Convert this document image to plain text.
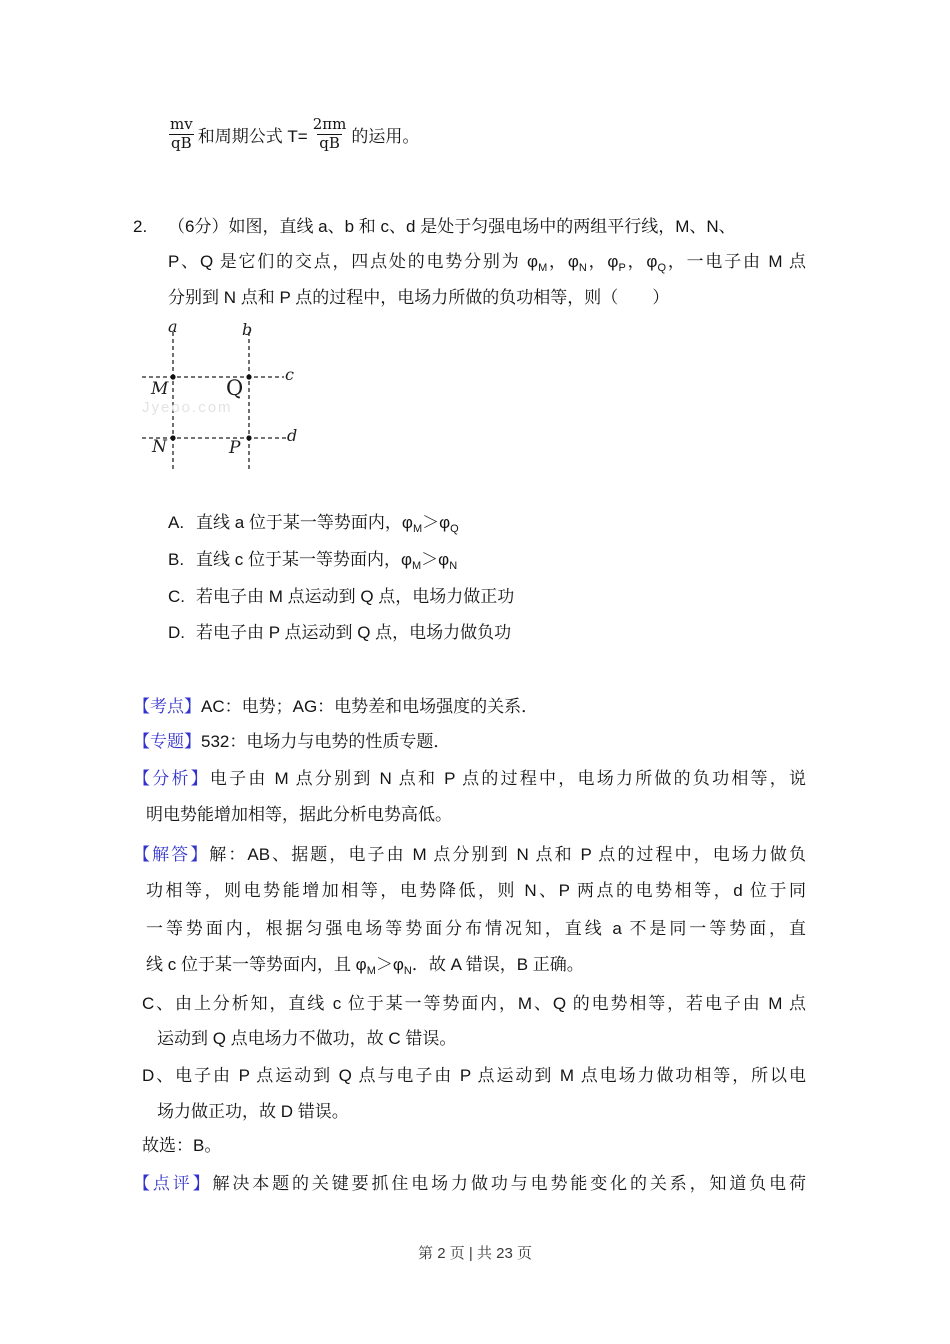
$\frac{mv}{qB}$ 和周期公式 $T= \frac{2\pi m}{qB}$ 的运用。
2. （6分）如图，直线 a、b 和 c、d 是处于匀强电场中的两组平行线，M、N、
P、Q 是它们的交点，四点处的电势分别为 $\varphi_M$，$\varphi_N$，$\varphi_P$，$\varphi_Q$，一电子由 M 点
分别到 N 点和 P 点的过程中，电场力所做的负功相等，则（　　）
Jyeoo.com
a	b
c
d
M	Q
N	P
A. 直线 a 位于某一等势面内，$\varphi_M>\varphi_Q$
B. 直线 c 位于某一等势面内，$\varphi_M>\varphi_N$
C. 若电子由 M 点运动到 Q 点，电场力做正功
D. 若电子由 P 点运动到 Q 点，电场力做负功
【考点】AC：电势；AG：电势差和电场强度的关系．
【专题】532：电场力与电势的性质专题．
【分析】电子由 M 点分别到 N 点和 P 点的过程中，电场力所做的负功相等，说
明电势能增加相等，据此分析电势高低。
【解答】解：AB、据题，电子由 M 点分别到 N 点和 P 点的过程中，电场力做负
功相等，则电势能增加相等，电势降低，则 N、P 两点的电势相等，d 位于同
一等势面内，根据匀强电场等势面分布情况知，直线 a 不是同一等势面，直
线 c 位于某一等势面内，且 $\varphi_M>\varphi_N$．故 A 错误，B 正确。
C、由上分析知，直线 c 位于某一等势面内，M、Q 的电势相等，若电子由 M 点
运动到 Q 点电场力不做功，故 C 错误。
D、电子由 P 点运动到 Q 点与电子由 P 点运动到 M 点电场力做功相等，所以电
场力做正功，故 D 错误。
故选：B。
【点评】解决本题的关键要抓住电场力做功与电势能变化的关系，知道负电荷
第 2 页 | 共 23 页
